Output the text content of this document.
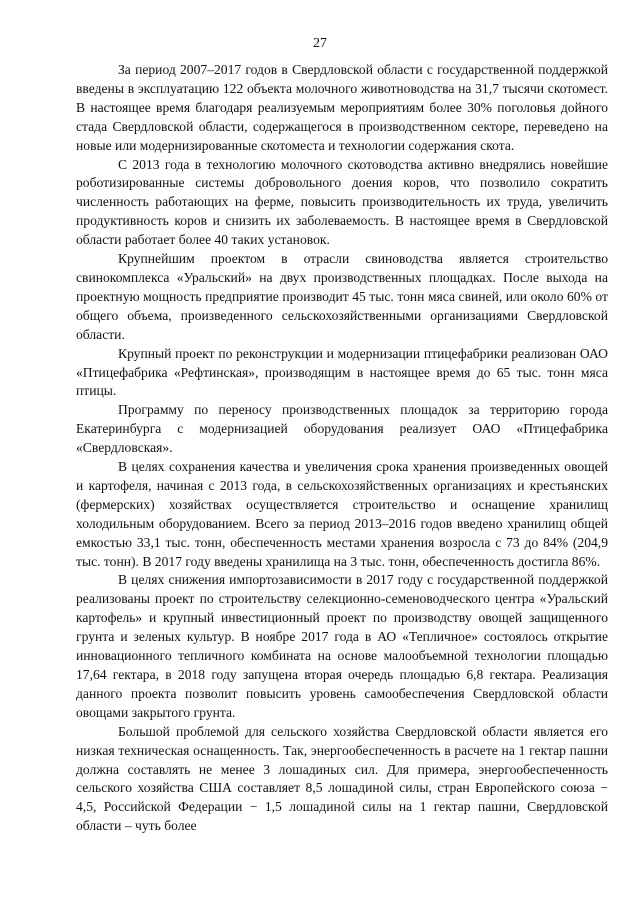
27

За период 2007–2017 годов в Свердловской области с государственной поддержкой введены в эксплуатацию 122 объекта молочного животноводства на 31,7 тысячи скотомест. В настоящее время благодаря реализуемым мероприятиям более 30% поголовья дойного стада Свердловской области, содержащегося в производственном секторе, переведено на новые или модернизированные скотоместа и технологии содержания скота.

С 2013 года в технологию молочного скотоводства активно внедрялись новейшие роботизированные системы добровольного доения коров, что позволило сократить численность работающих на ферме, повысить производительность их труда, увеличить продуктивность коров и снизить их заболеваемость. В настоящее время в Свердловской области работает более 40 таких установок.

Крупнейшим проектом в отрасли свиноводства является строительство свинокомплекса «Уральский» на двух производственных площадках. После выхода на проектную мощность предприятие производит 45 тыс. тонн мяса свиней, или около 60% от общего объема, произведенного сельскохозяйственными организациями Свердловской области.

Крупный проект по реконструкции и модернизации птицефабрики реализован ОАО «Птицефабрика «Рефтинская», производящим в настоящее время до 65 тыс. тонн мяса птицы.

Программу по переносу производственных площадок за территорию города Екатеринбурга с модернизацией оборудования реализует ОАО «Птицефабрика «Свердловская».

В целях сохранения качества и увеличения срока хранения произведенных овощей и картофеля, начиная с 2013 года, в сельскохозяйственных организациях и крестьянских (фермерских) хозяйствах осуществляется строительство и оснащение хранилищ холодильным оборудованием. Всего за период 2013–2016 годов введено хранилищ общей емкостью 33,1 тыс. тонн, обеспеченность местами хранения возросла с 73 до 84% (204,9 тыс. тонн). В 2017 году введены хранилища на 3 тыс. тонн, обеспеченность достигла 86%.

В целях снижения импортозависимости в 2017 году с государственной поддержкой реализованы проект по строительству селекционно-семеноводческого центра «Уральский картофель» и крупный инвестиционный проект по производству овощей защищенного грунта и зеленых культур. В ноябре 2017 года в АО «Тепличное» состоялось открытие инновационного тепличного комбината на основе малообъемной технологии площадью 17,64 гектара, в 2018 году запущена вторая очередь площадью 6,8 гектара. Реализация данного проекта позволит повысить уровень самообеспечения Свердловской области овощами закрытого грунта.

Большой проблемой для сельского хозяйства Свердловской области является его низкая техническая оснащенность. Так, энергообеспеченность в расчете на 1 гектар пашни должна составлять не менее 3 лошадиных сил. Для примера, энергообеспеченность сельского хозяйства США составляет 8,5 лошадиной силы, стран Европейского союза − 4,5, Российской Федерации − 1,5 лошадиной силы на 1 гектар пашни, Свердловской области – чуть более
